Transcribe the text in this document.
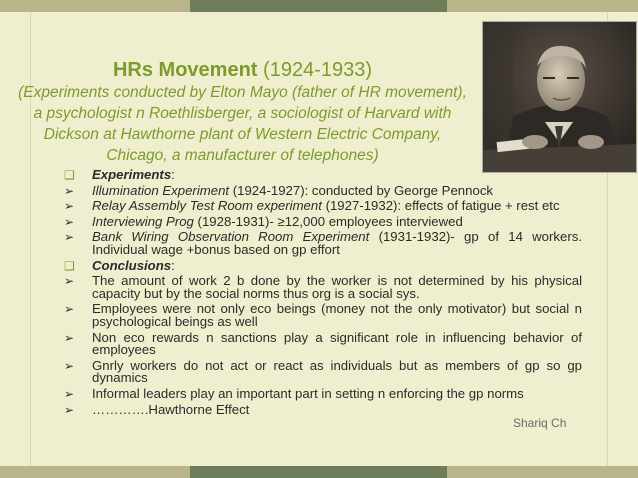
HRs Movement (1924-1933)
(Experiments conducted by Elton Mayo (father of HR movement),
a psychologist n Roethlisberger, a sociologist of Harvard with
Dickson at Hawthorne plant of Western Electric Company,
Chicago, a manufacturer of telephones)
❑	Experiments:
➢	Illumination Experiment (1924-1927): conducted by George Pennock
➢	Relay Assembly Test Room experiment (1927-1932): effects of fatigue + rest etc
➢	Interviewing Prog (1928-1931)- ≥12,000 employees interviewed
➢	Bank Wiring Observation Room Experiment (1931-1932)- gp of 14 workers. Individual wage +bonus based on gp effort
❑	Conclusions:
➢	The amount of work 2 b done by the worker is not determined by his physical capacity but by the social norms thus org is a social sys.
➢	Employees were not only eco beings (money not the only motivator) but social n psychological beings as well
➢	Non eco rewards n sanctions play a significant role in influencing behavior of employees
➢	Gnrly workers do not act or react as individuals but as members of gp so gp dynamics
➢	Informal leaders play an important part in setting n enforcing the gp norms
➢	………….Hawthorne Effect
Shariq Ch
